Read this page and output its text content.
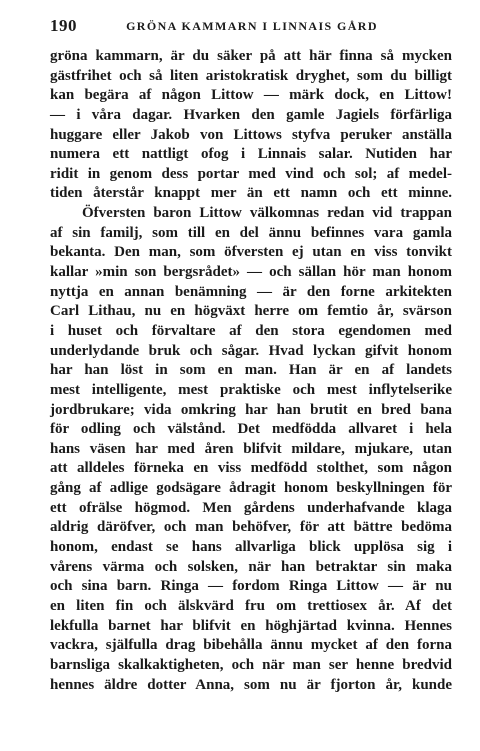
190	GRÖNA KAMMARN I LINNAIS GÅRD
gröna kammarn, är du säker på att här finna så mycken
gästfrihet och så liten aristokratisk dryghet, som du billigt
kan begära af någon Littow — märk dock, en Littow!
— i våra dagar. Hvarken den gamle Jagiels förfärliga
huggare eller Jakob von Littows styfva peruker anställa
numera ett nattligt ofog i Linnais salar. Nutiden har
ridit in genom dess portar med vind och sol; af medel-
tiden återstår knappt mer än ett namn och ett minne.
Öfversten baron Littow välkomnas redan vid trappan
af sin familj, som till en del ännu befinnes vara gamla
bekanta. Den man, som öfversten ej utan en viss tonvikt
kallar »min son bergsrådet» — och sällan hör man honom
nyttja en annan benämning — är den forne arkitekten
Carl Lithau, nu en högväxt herre om femtio år, svärson
i huset och förvaltare af den stora egendomen med
underlydande bruk och sågar. Hvad lyckan gifvit honom
har han löst in som en man. Han är en af landets
mest intelligente, mest praktiske och mest inflytelserike
jordbrukare; vida omkring har han brutit en bred bana
för odling och välstånd. Det medfödda allvaret i hela
hans väsen har med åren blifvit mildare, mjukare, utan
att alldeles förneka en viss medfödd stolthet, som någon
gång af adlige godsägare ådragit honom beskyllningen för
ett ofrälse högmod. Men gårdens underhafvande klaga
aldrig däröfver, och man behöfver, för att bättre bedöma
honom, endast se hans allvarliga blick upplösa sig i
vårens värma och solsken, när han betraktar sin maka
och sina barn. Ringa — fordom Ringa Littow — är nu
en liten fin och älskvärd fru om trettiosex år. Af det
lekfulla barnet har blifvit en höghjärtad kvinna. Hennes
vackra, själfulla drag bibehålla ännu mycket af den forna
barnsliga skalkaktigheten, och när man ser henne bredvid
hennes äldre dotter Anna, som nu är fjorton år, kunde
